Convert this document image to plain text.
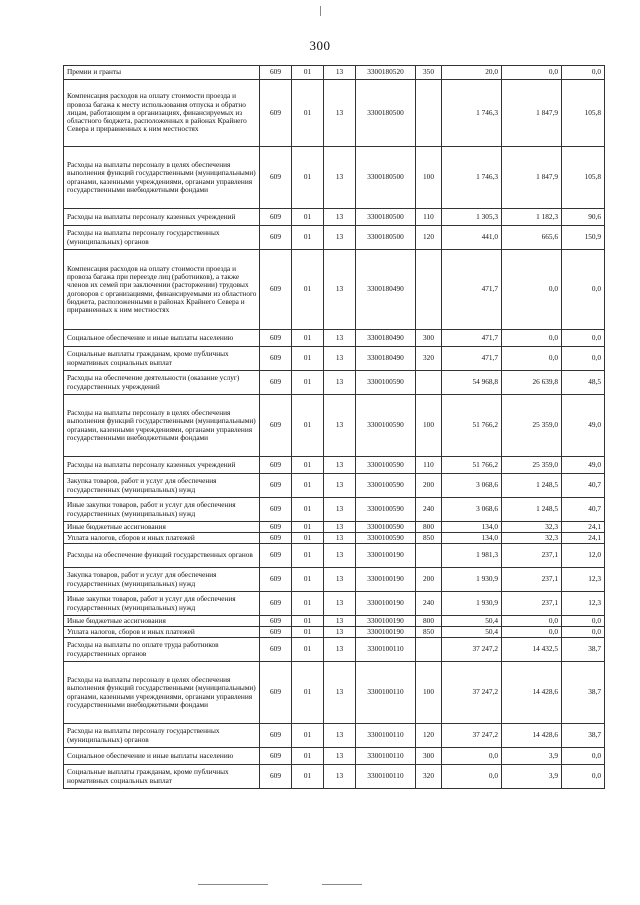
300
Премии и гранты	609	01	13	3300180520	350	20,0	0,0	0,0
Компенсация расходов на оплату стоимости проезда и провоза багажа к месту использования отпуска и обратно лицам, работающим в организациях, финансируемых из областного бюджета, расположенных в районах Крайнего Севера и приравненных к ним местностях	609	01	13	3300180500		1 746,3	1 847,9	105,8
Расходы на выплаты персоналу в целях обеспечения выполнения функций государственными (муниципальными) органами, казенными учреждениями, органами управления государственными внебюджетными фондами	609	01	13	3300180500	100	1 746,3	1 847,9	105,8
Расходы на выплаты персоналу казенных учреждений	609	01	13	3300180500	110	1 305,3	1 182,3	90,6
Расходы на выплаты персоналу государственных (муниципальных) органов	609	01	13	3300180500	120	441,0	665,6	150,9
Компенсация расходов на оплату стоимости проезда и провоза багажа при переезде лиц (работников), а также членов их семей при заключении (расторжении) трудовых договоров с организациями, финансируемыми из областного бюджета, расположенными в районах Крайнего Севера и приравненных к ним местностях	609	01	13	3300180490		471,7	0,0	0,0
Социальное обеспечение и иные выплаты населению	609	01	13	3300180490	300	471,7	0,0	0,0
Социальные выплаты гражданам, кроме публичных нормативных социальных выплат	609	01	13	3300180490	320	471,7	0,0	0,0
Расходы на обеспечение деятельности (оказание услуг) государственных учреждений	609	01	13	3300100590		54 968,8	26 639,8	48,5
Расходы на выплаты персоналу в целях обеспечения выполнения функций государственными (муниципальными) органами, казенными учреждениями, органами управления государственными внебюджетными фондами	609	01	13	3300100590	100	51 766,2	25 359,0	49,0
Расходы на выплаты персоналу казенных учреждений	609	01	13	3300100590	110	51 766,2	25 359,0	49,0
Закупка товаров, работ и услуг для обеспечения государственных (муниципальных) нужд	609	01	13	3300100590	200	3 068,6	1 248,5	40,7
Иные закупки товаров, работ и услуг для обеспечения государственных (муниципальных) нужд	609	01	13	3300100590	240	3 068,6	1 248,5	40,7
Иные бюджетные ассигнования	609	01	13	3300100590	800	134,0	32,3	24,1
Уплата налогов, сборов и иных платежей	609	01	13	3300100590	850	134,0	32,3	24,1
Расходы на обеспечение функций государственных органов	609	01	13	3300100190		1 981,3	237,1	12,0
Закупка товаров, работ и услуг для обеспечения государственных (муниципальных) нужд	609	01	13	3300100190	200	1 930,9	237,1	12,3
Иные закупки товаров, работ и услуг для обеспечения государственных (муниципальных) нужд	609	01	13	3300100190	240	1 930,9	237,1	12,3
Иные бюджетные ассигнования	609	01	13	3300100190	800	50,4	0,0	0,0
Уплата налогов, сборов и иных платежей	609	01	13	3300100190	850	50,4	0,0	0,0
Расходы на выплаты по оплате труда работников государственных органов	609	01	13	3300100110		37 247,2	14 432,5	38,7
Расходы на выплаты персоналу в целях обеспечения выполнения функций государственными (муниципальными) органами, казенными учреждениями, органами управления государственными внебюджетными фондами	609	01	13	3300100110	100	37 247,2	14 428,6	38,7
Расходы на выплаты персоналу государственных (муниципальных) органов	609	01	13	3300100110	120	37 247,2	14 428,6	38,7
Социальное обеспечение и иные выплаты населению	609	01	13	3300100110	300	0,0	3,9	0,0
Социальные выплаты гражданам, кроме публичных нормативных социальных выплат	609	01	13	3300100110	320	0,0	3,9	0,0
